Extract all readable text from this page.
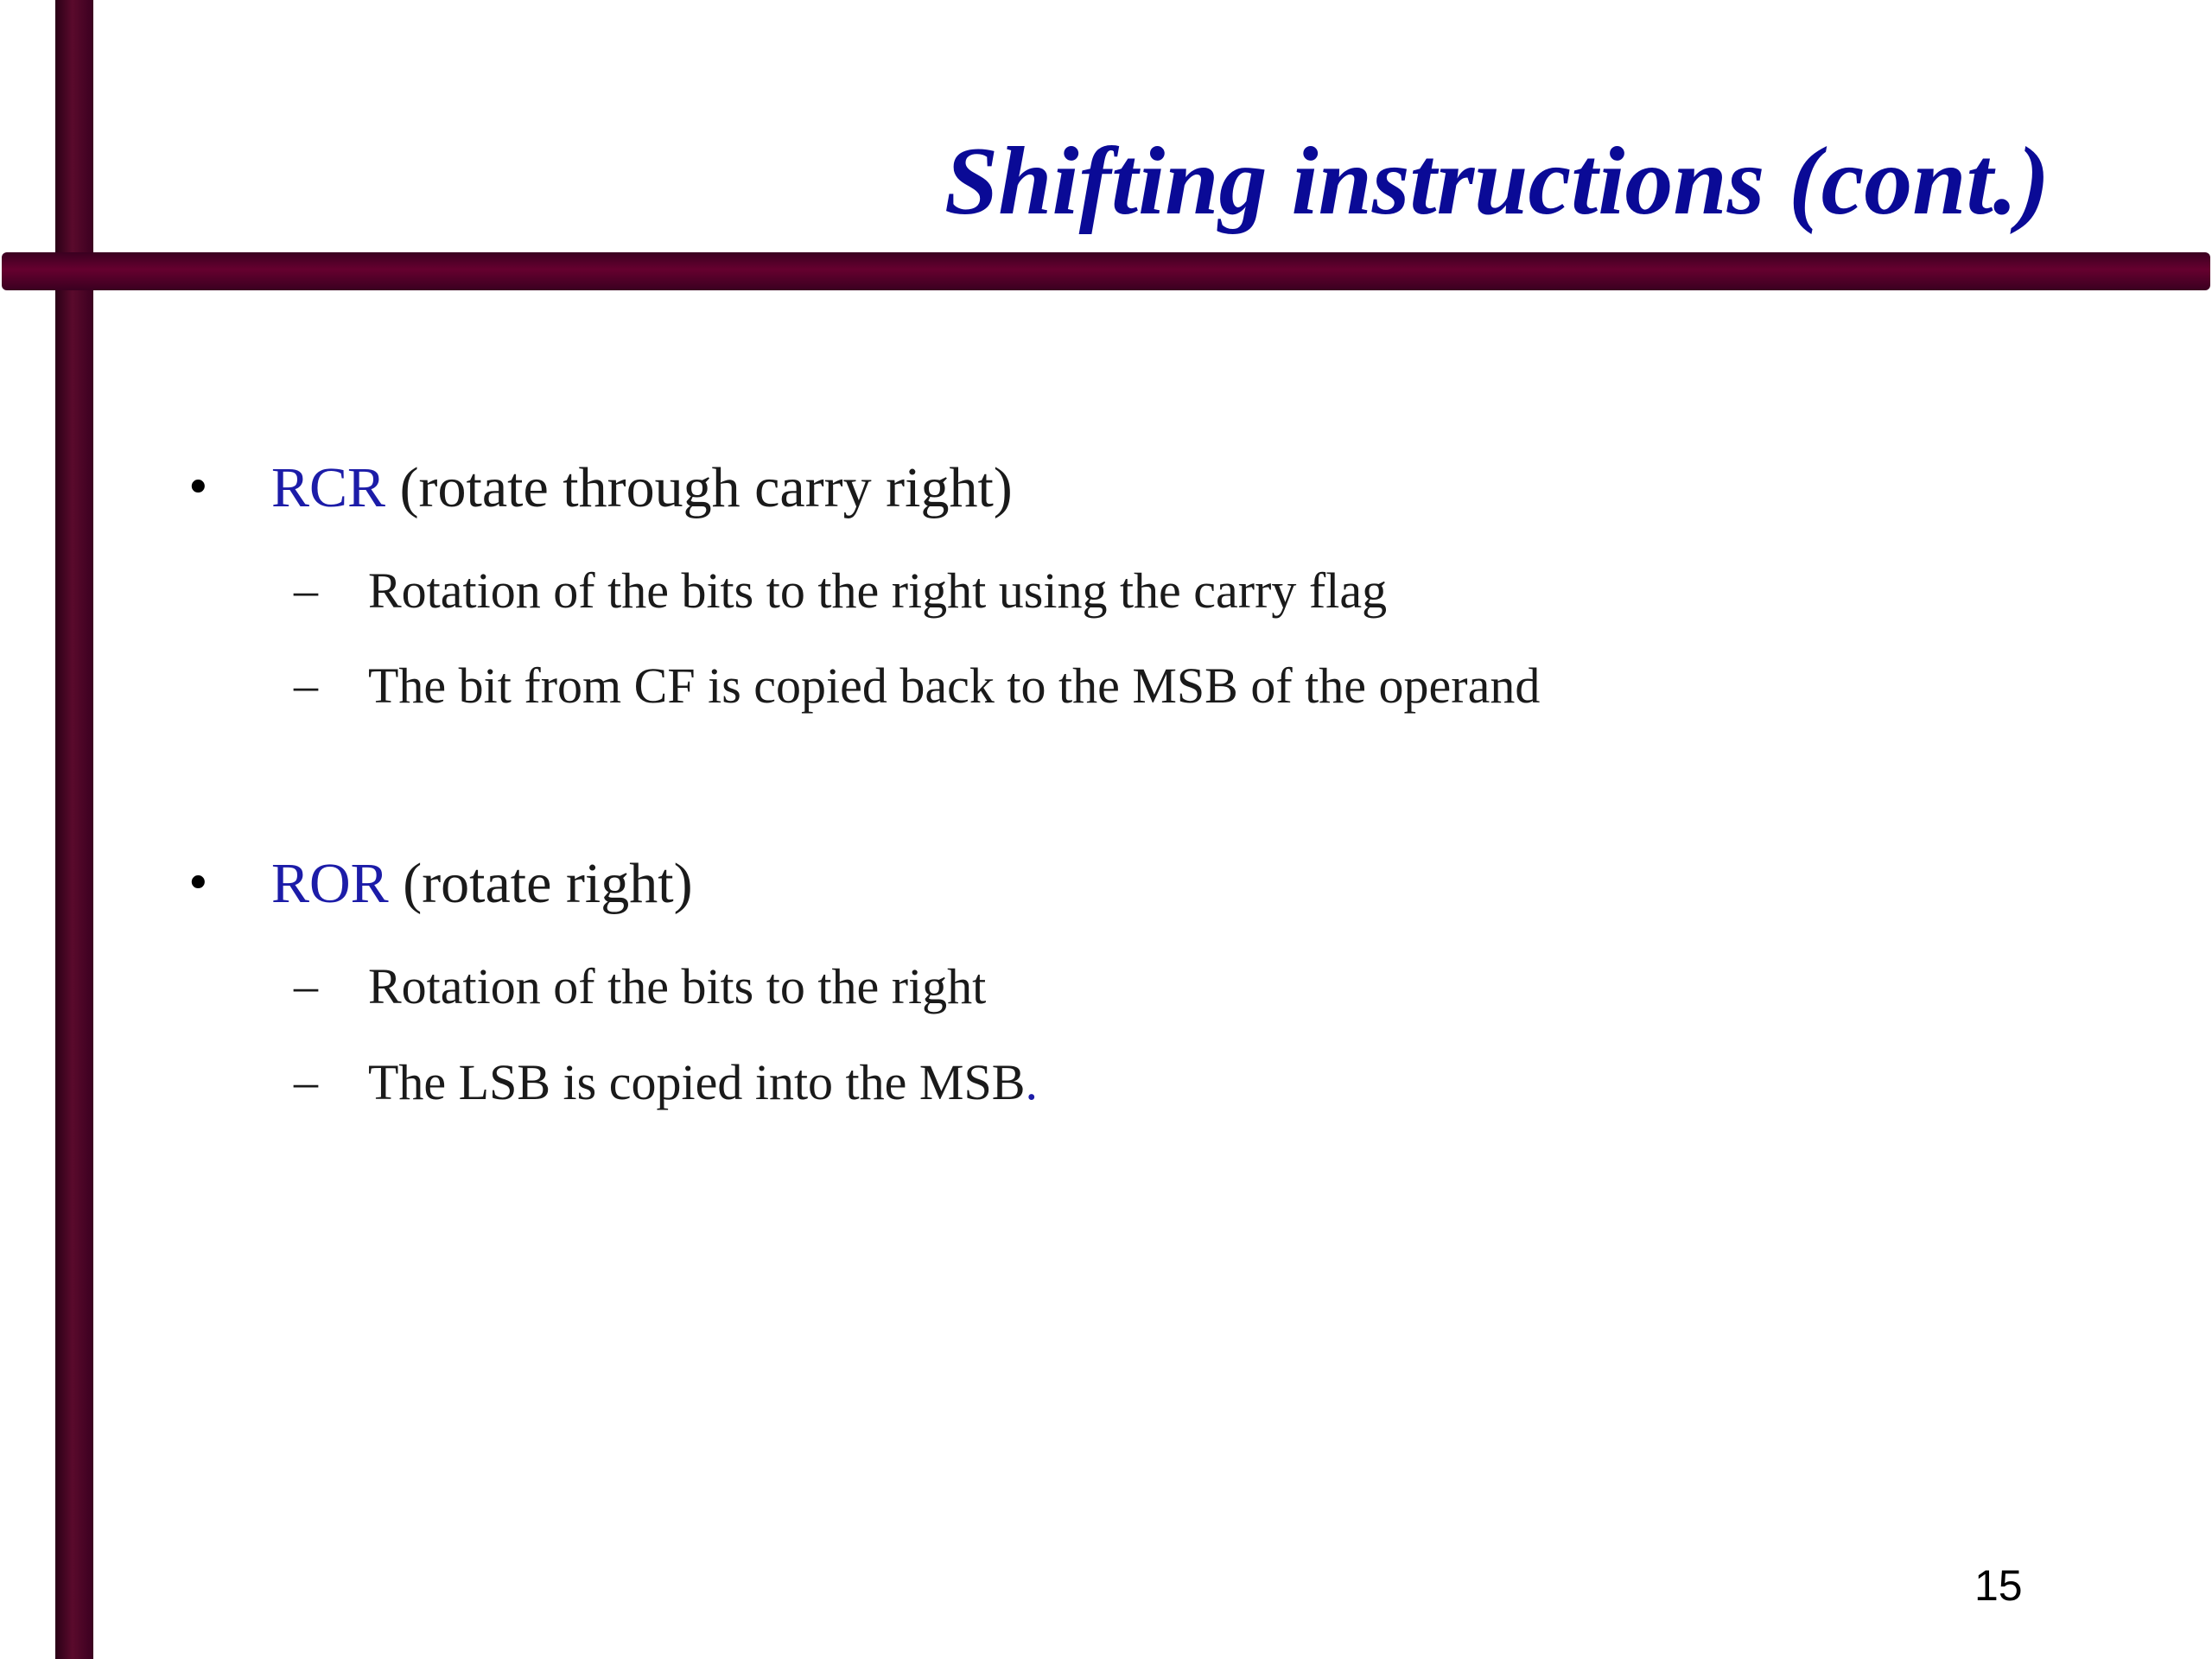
Shifting instructions (cont.)
•	RCR (rotate through carry right)
–	Rotation of the bits to the right using the carry flag
–	The bit from CF is copied back to the MSB of the operand
•	ROR (rotate right)
–	Rotation of the bits to the right
–	The LSB is copied into the MSB.
15
